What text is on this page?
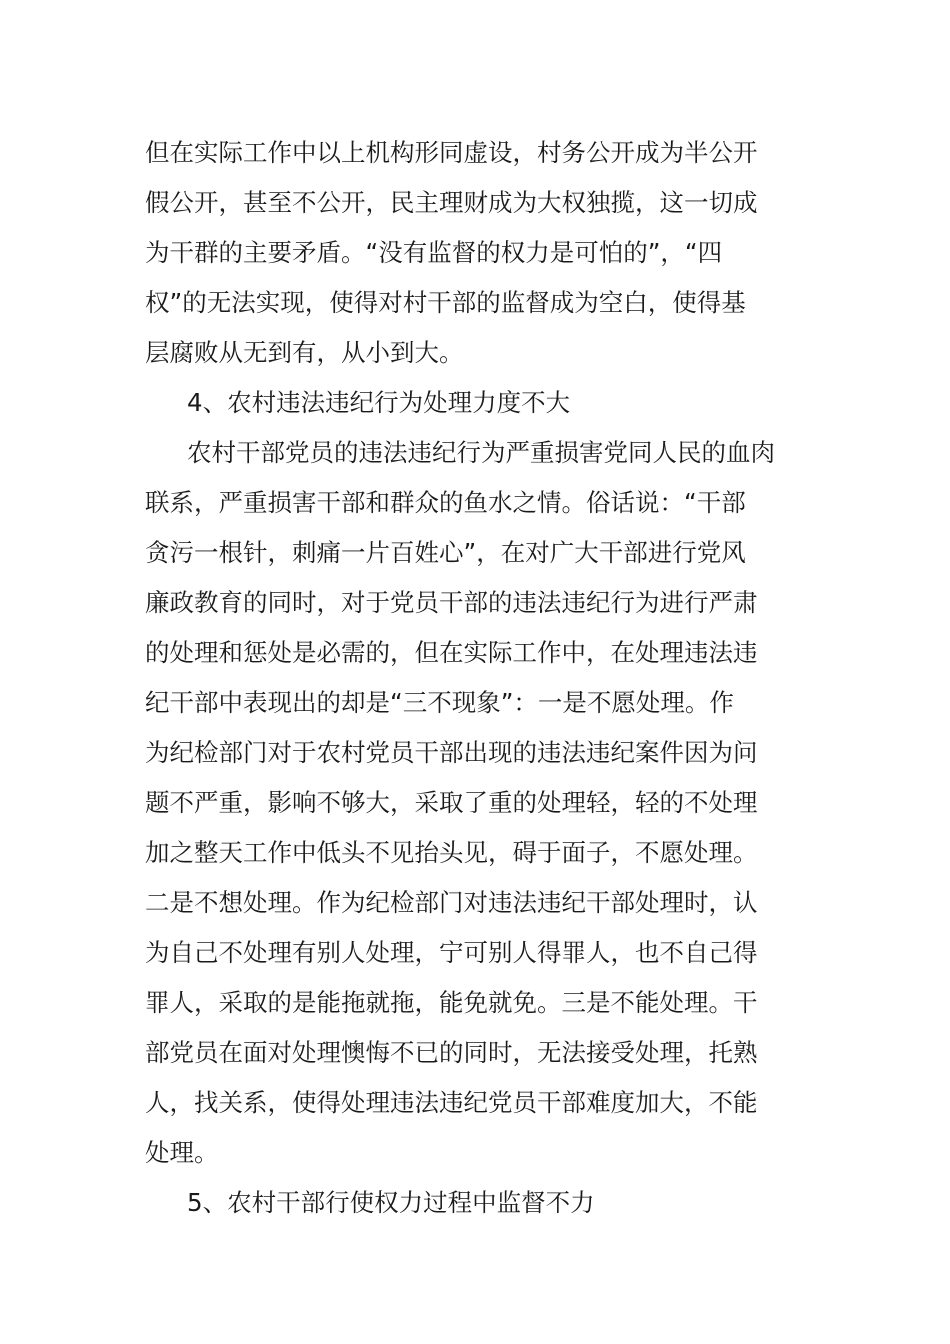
但在实际工作中以上机构形同虚设，村务公开成为半公开
假公开，甚至不公开，民主理财成为大权独揽，这一切成
为干群的主要矛盾。“没有监督的权力是可怕的”，“四
权”的无法实现，使得对村干部的监督成为空白，使得基
层腐败从无到有，从小到大。
4、农村违法违纪行为处理力度不大
农村干部党员的违法违纪行为严重损害党同人民的血肉
联系，严重损害干部和群众的鱼水之情。俗话说：“干部
贪污一根针，刺痛一片百姓心”，在对广大干部进行党风
廉政教育的同时，对于党员干部的违法违纪行为进行严肃
的处理和惩处是必需的，但在实际工作中，在处理违法违
纪干部中表现出的却是“三不现象”：一是不愿处理。作
为纪检部门对于农村党员干部出现的违法违纪案件因为问
题不严重，影响不够大，采取了重的处理轻，轻的不处理
加之整天工作中低头不见抬头见，碍于面子，不愿处理。
二是不想处理。作为纪检部门对违法违纪干部处理时，认
为自己不处理有别人处理，宁可别人得罪人，也不自己得
罪人，采取的是能拖就拖，能免就免。三是不能处理。干
部党员在面对处理懊悔不已的同时，无法接受处理，托熟
人，找关系，使得处理违法违纪党员干部难度加大，不能
处理。
5、农村干部行使权力过程中监督不力
